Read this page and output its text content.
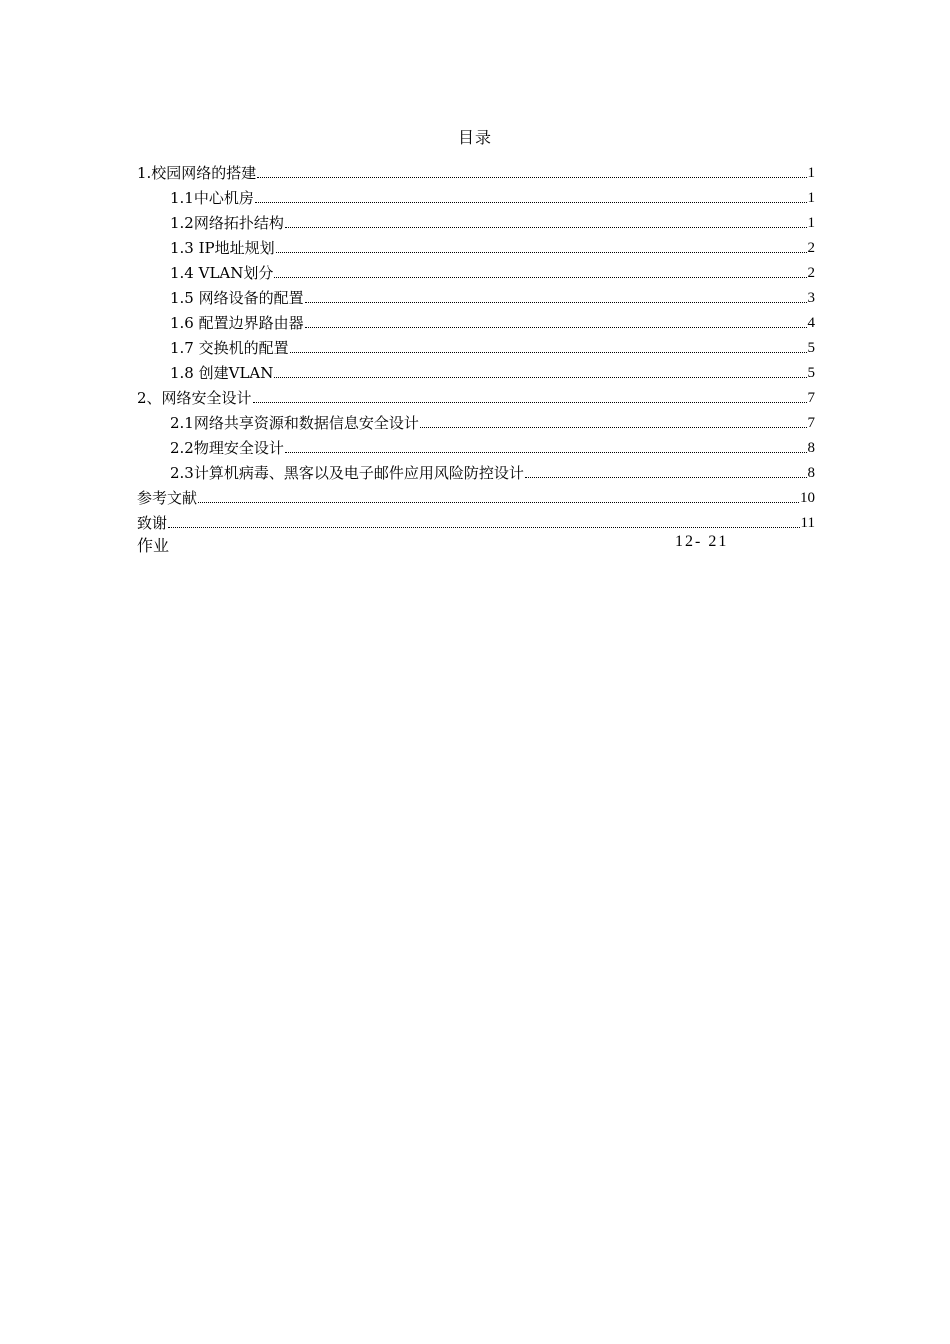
目录
1.校园网络的搭建	1
1.1中心机房	1
1.2网络拓扑结构	1
1.3 IP地址规划	2
1.4 VLAN划分	2
1.5 网络设备的配置	3
1.6 配置边界路由器	4
1.7 交换机的配置	5
1.8 创建VLAN	5
2、网络安全设计	7
2.1网络共享资源和数据信息安全设计	7
2.2物理安全设计	8
2.3计算机病毒、黑客以及电子邮件应用风险防控设计	8
参考文献	10
致谢	11
作业	12- 21
